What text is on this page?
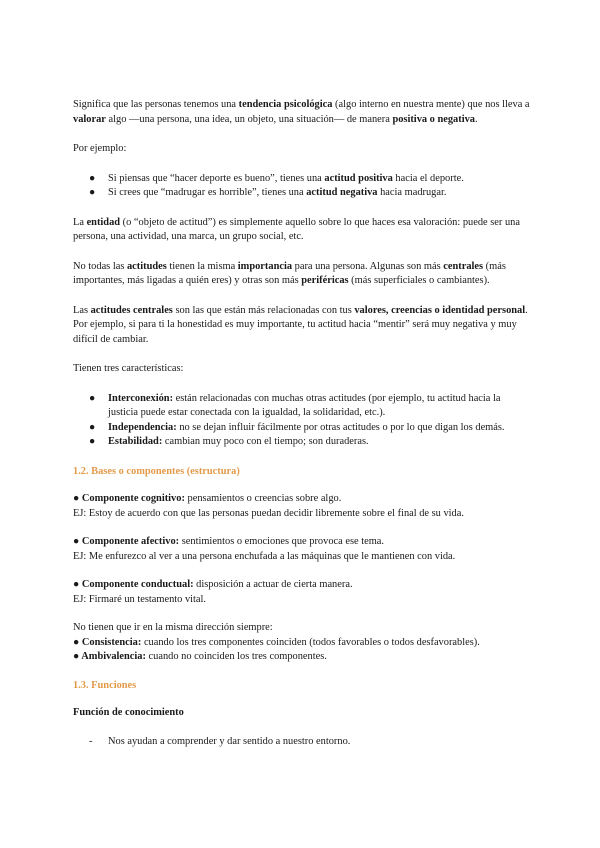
Significa que las personas tenemos una tendencia psicológica (algo interno en nuestra mente) que nos lleva a valorar algo —una persona, una idea, un objeto, una situación— de manera positiva o negativa.

Por ejemplo:

● Si piensas que “hacer deporte es bueno”, tienes una actitud positiva hacia el deporte.

● Si crees que “madrugar es horrible”, tienes una actitud negativa hacia madrugar.

La entidad (o “objeto de actitud”) es simplemente aquello sobre lo que haces esa valoración: puede ser una persona, una actividad, una marca, un grupo social, etc.

No todas las actitudes tienen la misma importancia para una persona. Algunas son más centrales (más importantes, más ligadas a quién eres) y otras son más periféricas (más superficiales o cambiantes).

Las actitudes centrales son las que están más relacionadas con tus valores, creencias o identidad personal. Por ejemplo, si para ti la honestidad es muy importante, tu actitud hacia “mentir” será muy negativa y muy difícil de cambiar.

Tienen tres características:

● Interconexión: están relacionadas con muchas otras actitudes (por ejemplo, tu actitud hacia la justicia puede estar conectada con la igualdad, la solidaridad, etc.).

● Independencia: no se dejan influir fácilmente por otras actitudes o por lo que digan los demás.

● Estabilidad: cambian muy poco con el tiempo; son duraderas.

1.2. Bases o componentes (estructura)

● Componente cognitivo: pensamientos o creencias sobre algo.

EJ: Estoy de acuerdo con que las personas puedan decidir libremente sobre el final de su vida.

● Componente afectivo: sentimientos o emociones que provoca ese tema.

EJ: Me enfurezco al ver a una persona enchufada a las máquinas que le mantienen con vida.

● Componente conductual: disposición a actuar de cierta manera.

EJ: Firmaré un testamento vital.

No tienen que ir en la misma dirección siempre:

● Consistencia: cuando los tres componentes coinciden (todos favorables o todos desfavorables).

● Ambivalencia: cuando no coinciden los tres componentes.

1.3. Funciones

Función de conocimiento

- Nos ayudan a comprender y dar sentido a nuestro entorno.
